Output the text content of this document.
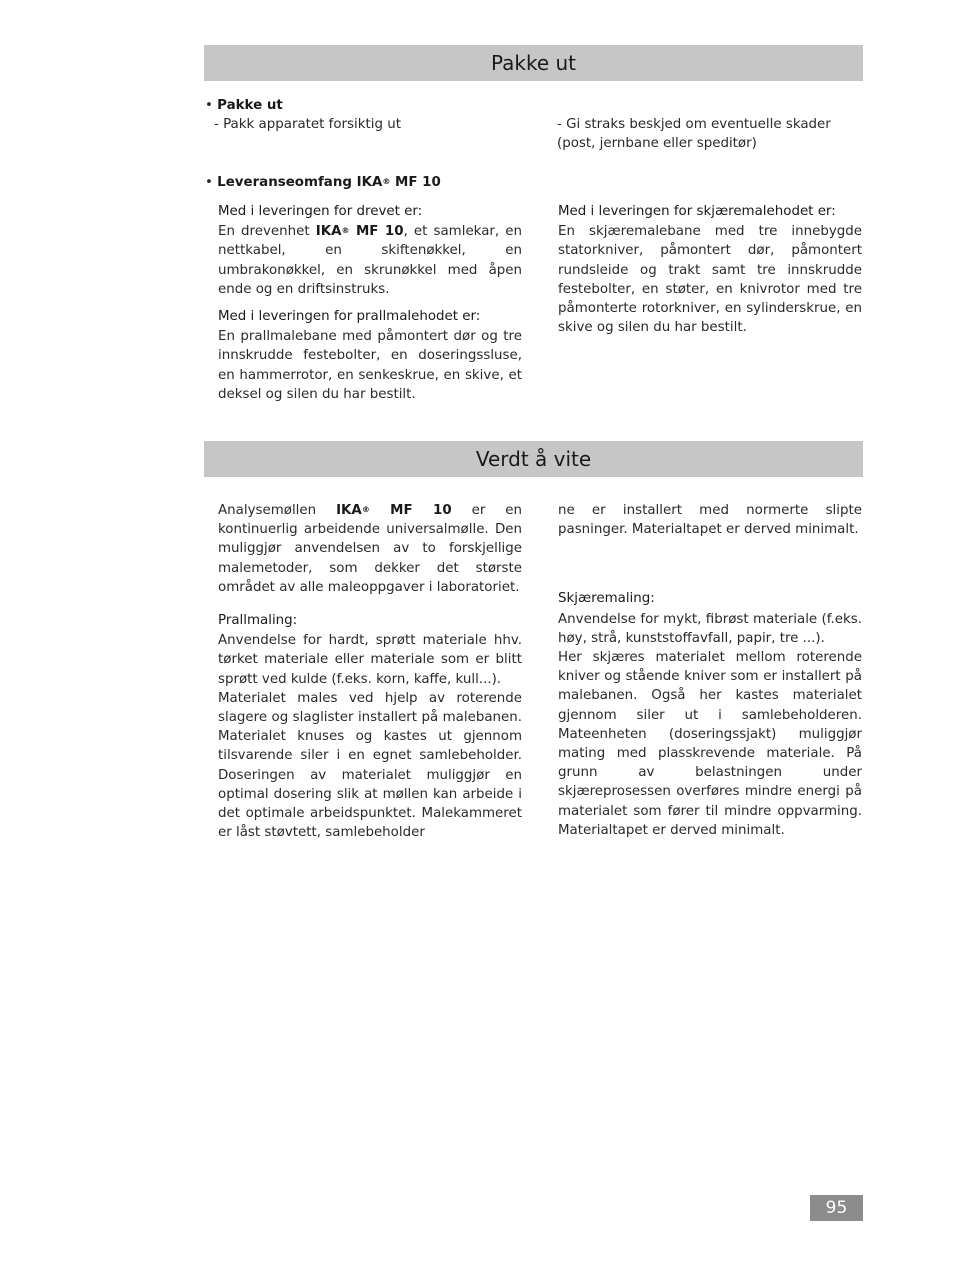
Pakke ut
• Pakke ut
- Pakk apparatet forsiktig ut	- Gi straks beskjed om eventuelle skader (post, jernbane eller speditør)
• Leveranseomfang IKA® MF 10
Med i leveringen for drevet er:
En drevenhet IKA® MF 10, et samlekar, en nettkabel, en skiftenøkkel, en umbrakonøkkel, en skrunøkkel med åpen ende og en driftsinstruks.
Med i leveringen for prallmalehodet er:
En prallmalebane med påmontert dør og tre innskrudde festebolter, en doseringssluse, en hammerrotor, en senkeskrue, en skive, et deksel og silen du har bestilt.
Med i leveringen for skjæremalehodet er:
En skjæremalebane med tre innebygde statorkniver, påmontert dør, påmontert rundsleide og trakt samt tre innskrudde festebolter, en støter, en knivrotor med tre påmonterte rotorkniver, en sylinderskrue, en skive og silen du har bestilt.
Verdt å vite
Analysemøllen IKA® MF 10 er en kontinuerlig arbeidende universalmølle. Den muliggjør anvendelsen av to forskjellige malemetoder, som dekker det største området av alle maleoppgaver i laboratoriet.
Prallmaling:
Anvendelse for hardt, sprøtt materiale hhv. tørket materiale eller materiale som er blitt sprøtt ved kulde (f.eks. korn, kaffe, kull...).
Materialet males ved hjelp av roterende slagere og slaglister installert på malebanen. Materialet knuses og kastes ut gjennom tilsvarende siler i en egnet samlebeholder. Doseringen av materialet muliggjør en optimal dosering slik at møllen kan arbeide i det optimale arbeidspunktet. Malekammeret er låst støvtett, samlebeholder
ne er installert med normerte slipte pasninger. Materialtapet er derved minimalt.
Skjæremaling:
Anvendelse for mykt, fibrøst materiale (f.eks. høy, strå, kunststoffavfall, papir, tre ...).
Her skjæres materialet mellom roterende kniver og stående kniver som er installert på malebanen. Også her kastes materialet gjennom siler ut i samlebeholderen. Mateenheten (doseringssjakt) muliggjør mating med plasskrevende materiale. På grunn av belastningen under skjæreprosessen overføres mindre energi på materialet som fører til mindre oppvarming. Materialtapet er derved minimalt.
95
